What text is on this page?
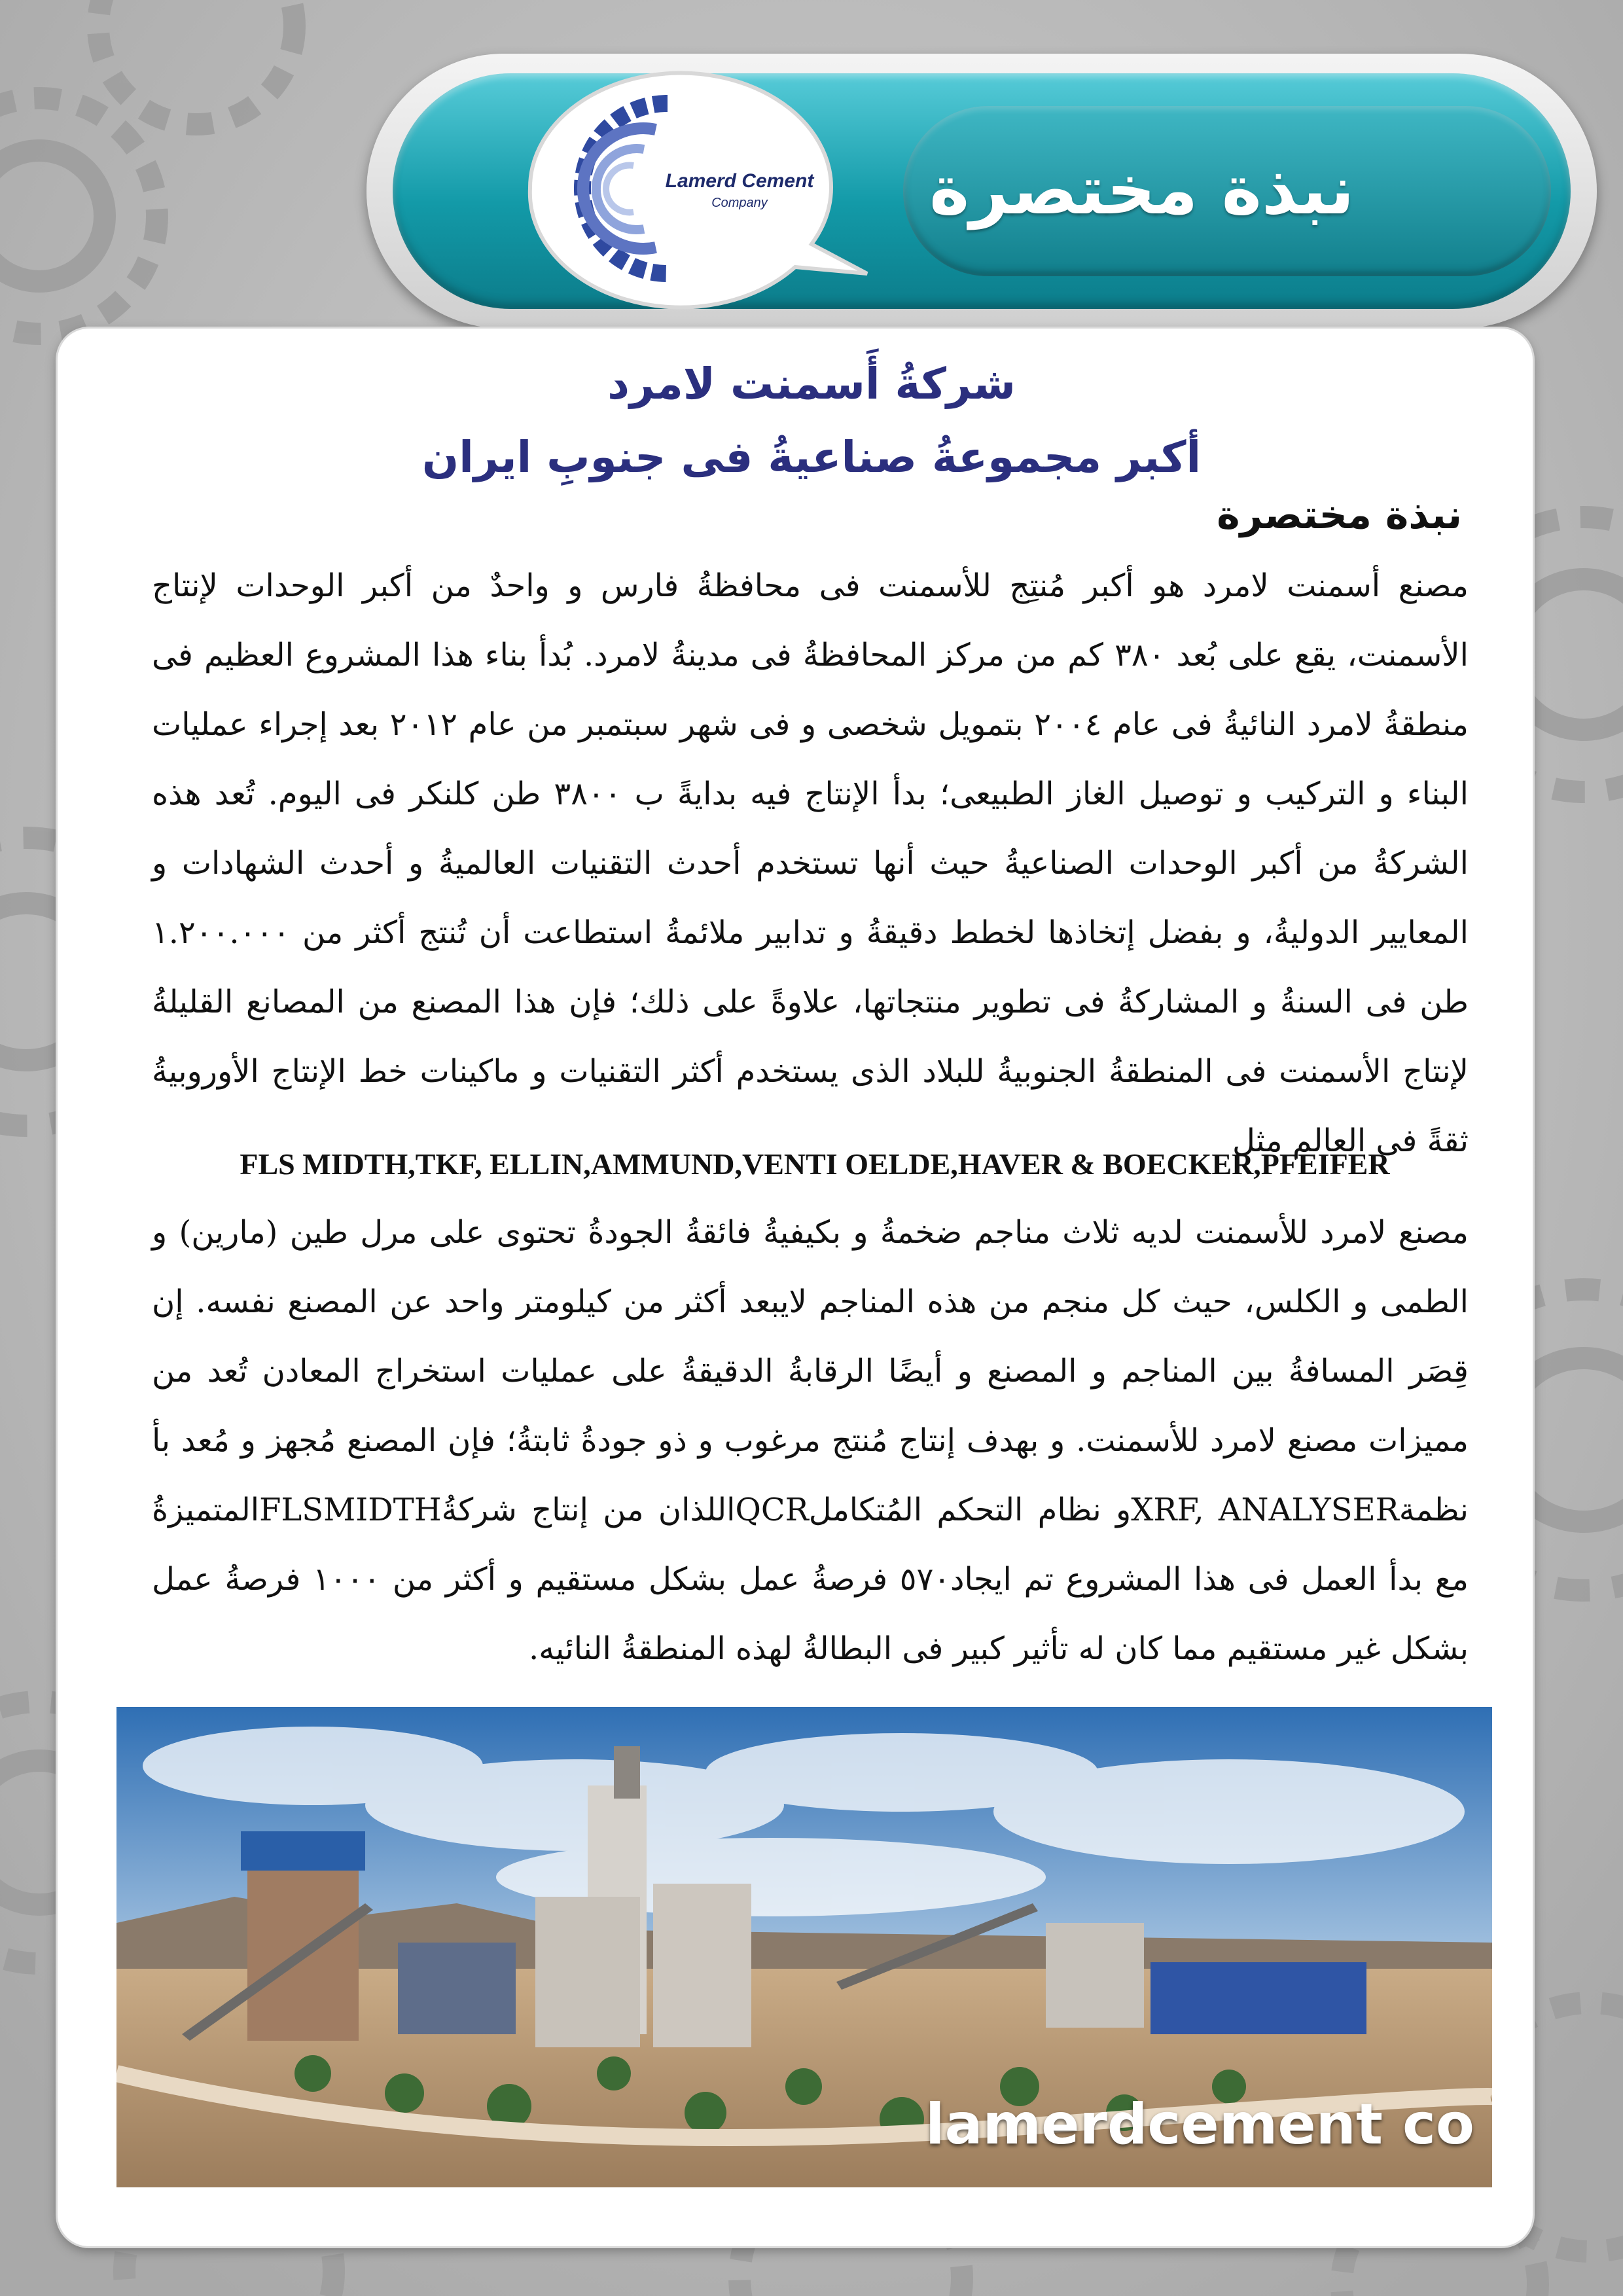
نبذة مختصرة
Lamerd Cement
Company
شركةُ أَسمنت لامرد
أكبر مجموعةُ صناعيةُ فی جنوبِ ایران
نبذة مختصرة
مصنع أسمنت لامرد هو أكبر مُنتِج للأسمنت فی محافظةُ فارس و واحدٌ من أكبر الوحدات لإنتاج الأسمنت، يقع على بُعد ٣٨٠ كم من مركز المحافظةُ فی مدينةُ لامرد. بُدأ بناء هذا المشروع العظيم فی منطقةُ لامرد النائيةُ فی عام ٢٠٠٤ بتمويل شخصى و فی شهر سبتمبر من عام ٢٠١٢ بعد إجراء عمليات البناء و التركيب و توصيل الغاز الطبيعى؛ بدأ الإنتاج فيه بدايةً ب ٣٨٠٠ طن كلنكر فی اليوم. تُعد هذه الشركةُ من أكبر الوحدات الصناعيةُ حيث أنها تستخدم أحدث التقنيات العالميةُ و أحدث الشهادات و المعايير الدوليةُ، و بفضل إتخاذها لخطط دقيقةُ و تدابير ملائمةُ استطاعت أن تُنتج أكثر من ١.٢٠٠.٠٠٠ طن فی السنةُ و المشاركةُ فی تطوير منتجاتها، علاوةً على ذلك؛ فإن هذا المصنع من المصانع القليلةُ لإنتاج الأسمنت فی المنطقةُ الجنوبيةُ للبلاد الذی يستخدم أكثر التقنيات و ماكينات خط الإنتاج الأوروبيةُ ثقةً فی العالم مثل
FLS MIDTH,TKF, ELLIN,AMMUND,VENTI OELDE,HAVER & BOECKER,PFEIFER
مصنع لامرد للأسمنت لديه ثلاث مناجم ضخمةُ و بكيفيةُ فائقةُ الجودةُ تحتوى على مرل طين (مارين) و الطمى و الكلس، حيث كل منجم من هذه المناجم لايبعد أكثر من كيلومتر واحد عن المصنع نفسه. إن قِصَر المسافةُ بين المناجم و المصنع و أيضًا الرقابةُ الدقيقةُ على عمليات استخراج المعادن تُعد من مميزات مصنع لامرد للأسمنت. و بهدف إنتاج مُنتج مرغوب و ذو جودةُ ثابتةُ؛ فإن المصنع مُجهز و مُعد بأ نظمةXRF, ANALYSERو نظام التحكم المُتكاملQCRاللذان من إنتاج شركةُFLSMIDTHالمتميزةُ مع بدأ العمل فی هذا المشروع تم ايجاد٥٧٠ فرصةُ عمل بشكل مستقيم و أكثر من ١٠٠٠ فرصةُ عمل بشكل غير مستقيم مما كان له تأثير كبير فی البطالةُ لهذه المنطقةُ النائيه.
lamerdcement co
